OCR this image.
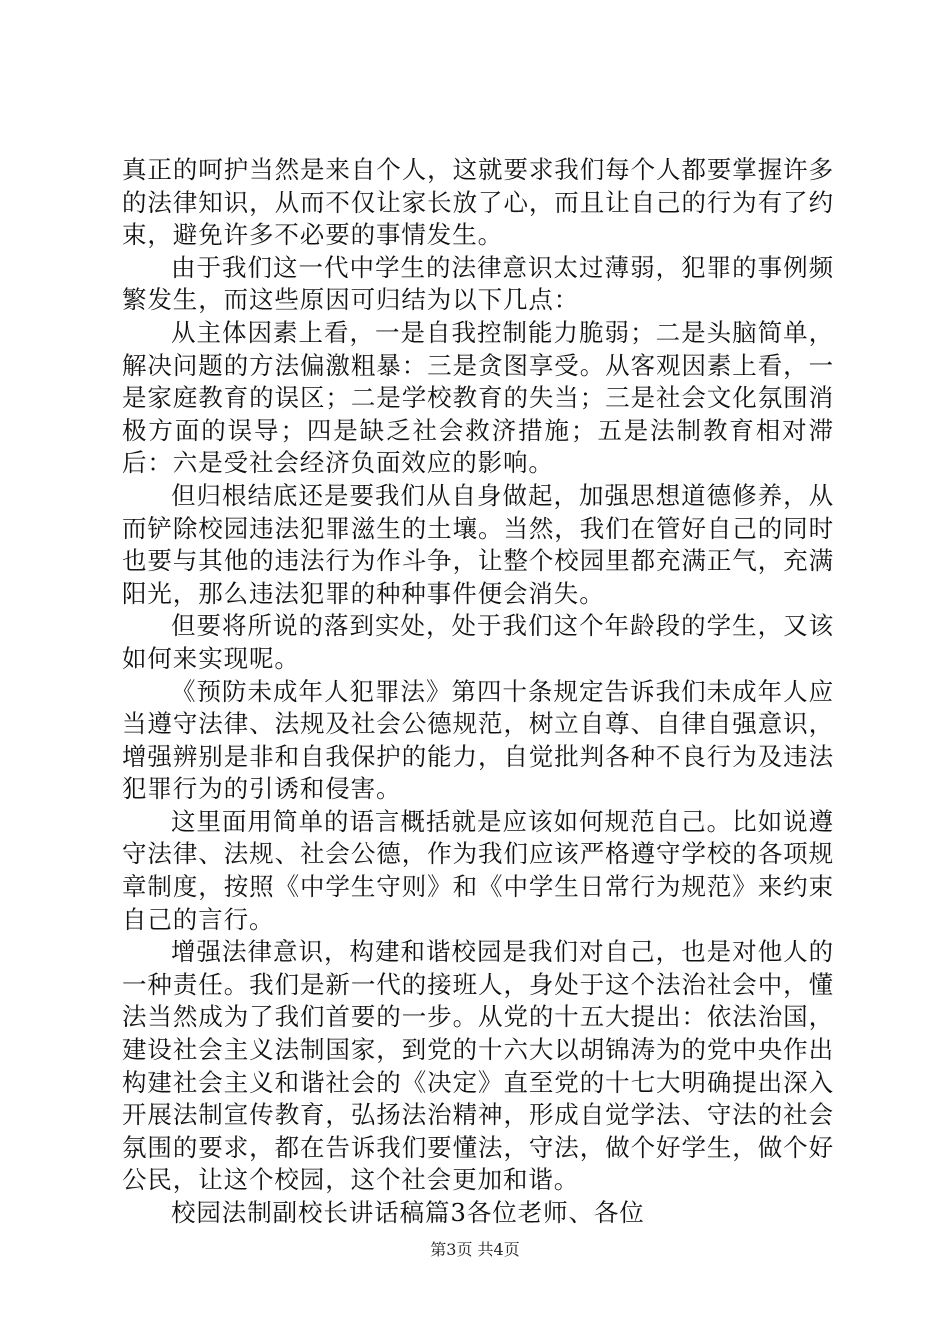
真正的呵护当然是来自个人，这就要求我们每个人都要掌握许多的法律知识，从而不仅让家长放了心，而且让自己的行为有了约束，避免许多不必要的事情发生。

由于我们这一代中学生的法律意识太过薄弱，犯罪的事例频繁发生，而这些原因可归结为以下几点：

从主体因素上看，一是自我控制能力脆弱；二是头脑简单，解决问题的方法偏激粗暴：三是贪图享受。从客观因素上看，一是家庭教育的误区；二是学校教育的失当；三是社会文化氛围消极方面的误导；四是缺乏社会救济措施；五是法制教育相对滞后：六是受社会经济负面效应的影响。

但归根结底还是要我们从自身做起，加强思想道德修养，从而铲除校园违法犯罪滋生的土壤。当然，我们在管好自己的同时也要与其他的违法行为作斗争，让整个校园里都充满正气，充满阳光，那么违法犯罪的种种事件便会消失。

但要将所说的落到实处，处于我们这个年龄段的学生，又该如何来实现呢。

《预防未成年人犯罪法》第四十条规定告诉我们未成年人应当遵守法律、法规及社会公德规范，树立自尊、自律自强意识，增强辨别是非和自我保护的能力，自觉批判各种不良行为及违法犯罪行为的引诱和侵害。

这里面用简单的语言概括就是应该如何规范自己。比如说遵守法律、法规、社会公德，作为我们应该严格遵守学校的各项规章制度，按照《中学生守则》和《中学生日常行为规范》来约束自己的言行。

增强法律意识，构建和谐校园是我们对自己，也是对他人的一种责任。我们是新一代的接班人，身处于这个法治社会中，懂法当然成为了我们首要的一步。从党的十五大提出：依法治国，建设社会主义法制国家，到党的十六大以胡锦涛为的党中央作出构建社会主义和谐社会的《决定》直至党的十七大明确提出深入开展法制宣传教育，弘扬法治精神，形成自觉学法、守法的社会氛围的要求，都在告诉我们要懂法，守法，做个好学生，做个好公民，让这个校园，这个社会更加和谐。

校园法制副校长讲话稿篇3各位老师、各位

第3页 共4页
